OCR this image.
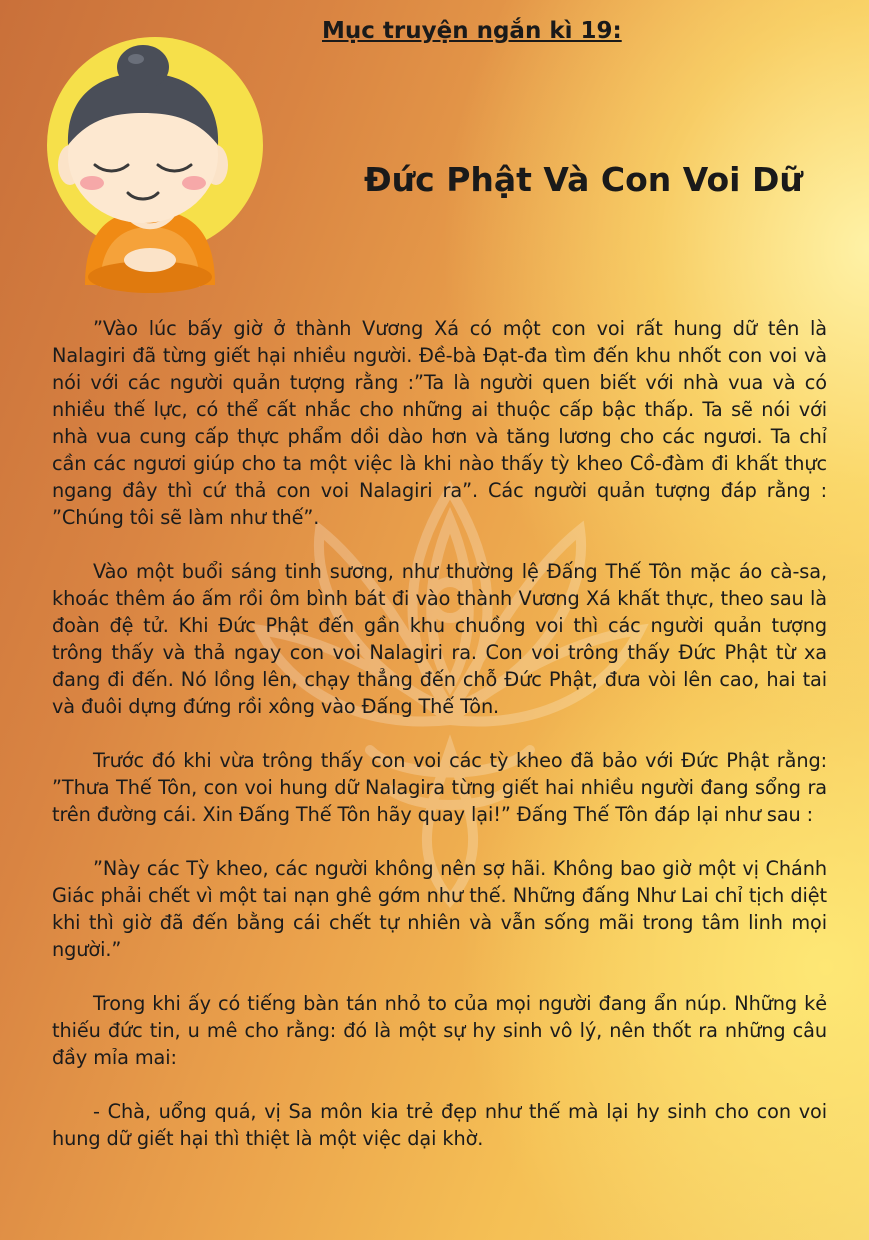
Mục truyện ngắn kì 19:
Đức Phật Và Con Voi Dữ

”Vào lúc bấy giờ ở thành Vương Xá có một con voi rất hung dữ tên là Nalagiri đã từng giết hại nhiều người. Đề-bà Đạt-đa tìm đến khu nhốt con voi và nói với các người quản tượng rằng :”Ta là người quen biết với nhà vua và có nhiều thế lực, có thể cất nhắc cho những ai thuộc cấp bậc thấp. Ta sẽ nói với nhà vua cung cấp thực phẩm dồi dào hơn và tăng lương cho các ngươi. Ta chỉ cần các ngươi giúp cho ta một việc là khi nào thấy tỳ kheo Cồ-đàm đi khất thực ngang đây thì cứ thả con voi Nalagiri ra”. Các người quản tượng đáp rằng : ”Chúng tôi sẽ làm như thế”.

Vào một buổi sáng tinh sương, như thường lệ Đấng Thế Tôn mặc áo cà-sa, khoác thêm áo ấm rồi ôm bình bát đi vào thành Vương Xá khất thực, theo sau là đoàn đệ tử. Khi Đức Phật đến gần khu chuồng voi thì các người quản tượng trông thấy và thả ngay con voi Nalagiri ra. Con voi trông thấy Đức Phật từ xa đang đi đến. Nó lồng lên, chạy thẳng đến chỗ Đức Phật, đưa vòi lên cao, hai tai và đuôi dựng đứng rồi xông vào Đấng Thế Tôn.

Trước đó khi vừa trông thấy con voi các tỳ kheo đã bảo với Đức Phật rằng: ”Thưa Thế Tôn, con voi hung dữ Nalagira từng giết hai nhiều người đang sổng ra trên đường cái. Xin Đấng Thế Tôn hãy quay lại!” Đấng Thế Tôn đáp lại như sau :

”Này các Tỳ kheo, các người không nên sợ hãi. Không bao giờ một vị Chánh Giác phải chết vì một tai nạn ghê gớm như thế. Những đấng Như Lai chỉ tịch diệt khi thì giờ đã đến bằng cái chết tự nhiên và vẫn sống mãi trong tâm linh mọi người.”

Trong khi ấy có tiếng bàn tán nhỏ to của mọi người đang ẩn núp. Những kẻ thiếu đức tin, u mê cho rằng: đó là một sự hy sinh vô lý, nên thốt ra những câu đầy mỉa mai:

- Chà, uổng quá, vị Sa môn kia trẻ đẹp như thế mà lại hy sinh cho con voi hung dữ giết hại thì thiệt là một việc dại khờ.
